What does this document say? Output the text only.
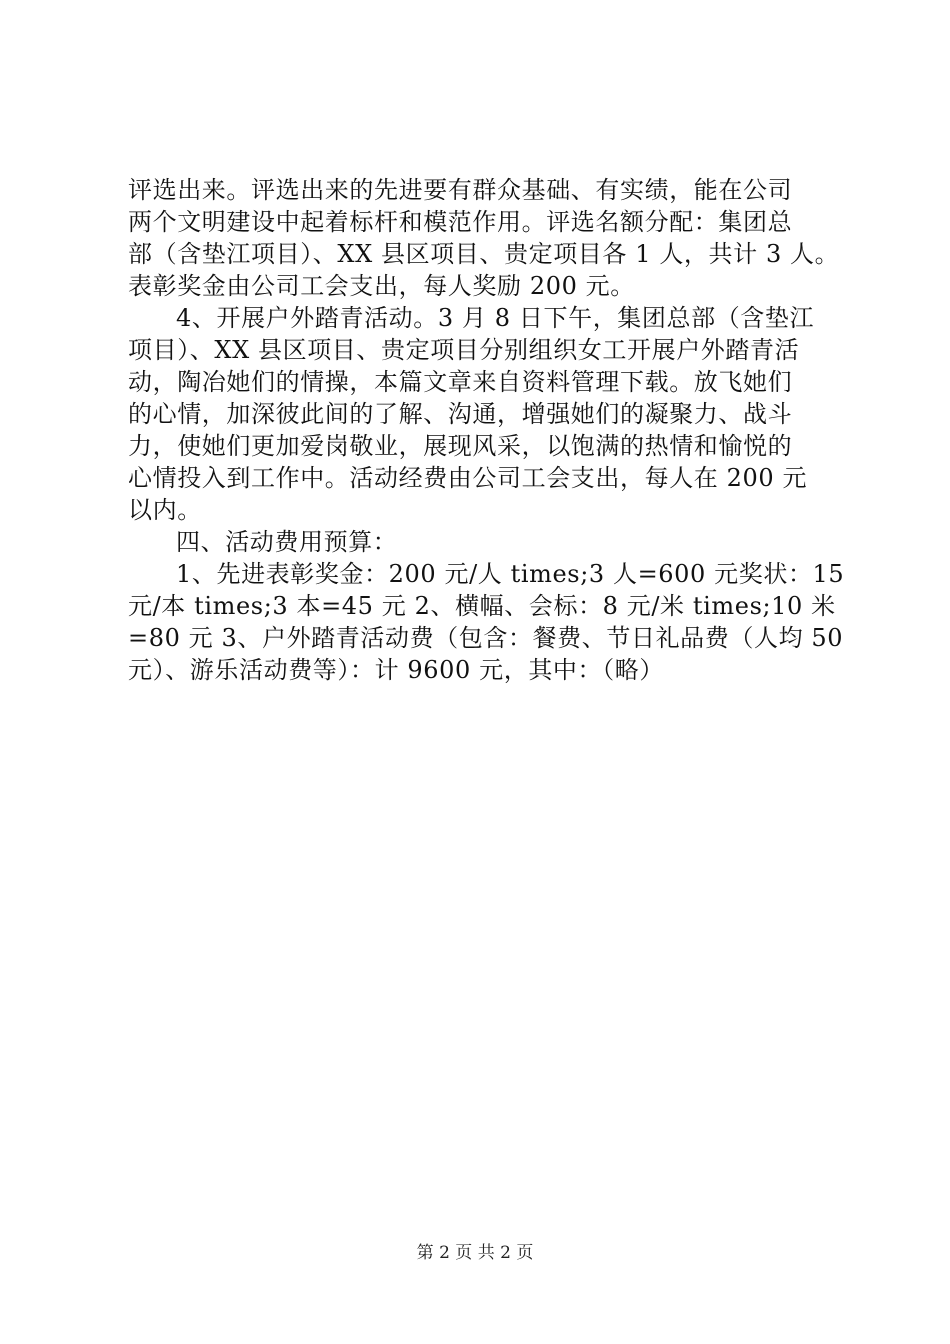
评选出来。评选出来的先进要有群众基础、有实绩，能在公司
两个文明建设中起着标杆和模范作用。评选名额分配：集团总
部（含垫江项目）、XX 县区项目、贵定项目各 1 人，共计 3 人。
表彰奖金由公司工会支出，每人奖励 200 元。
4、开展户外踏青活动。3 月 8 日下午，集团总部（含垫江
项目）、XX 县区项目、贵定项目分别组织女工开展户外踏青活
动，陶冶她们的情操，本篇文章来自资料管理下载。放飞她们
的心情，加深彼此间的了解、沟通，增强她们的凝聚力、战斗
力，使她们更加爱岗敬业，展现风采，以饱满的热情和愉悦的
心情投入到工作中。活动经费由公司工会支出，每人在 200 元
以内。
四、活动费用预算：
1、先进表彰奖金：200 元/人 times;3 人=600 元奖状：15
元/本 times;3 本=45 元 2、横幅、会标：8 元/米 times;10 米
=80 元 3、户外踏青活动费（包含：餐费、节日礼品费（人均 50
元）、游乐活动费等）：计 9600 元，其中：（略）
第 2 页 共 2 页
